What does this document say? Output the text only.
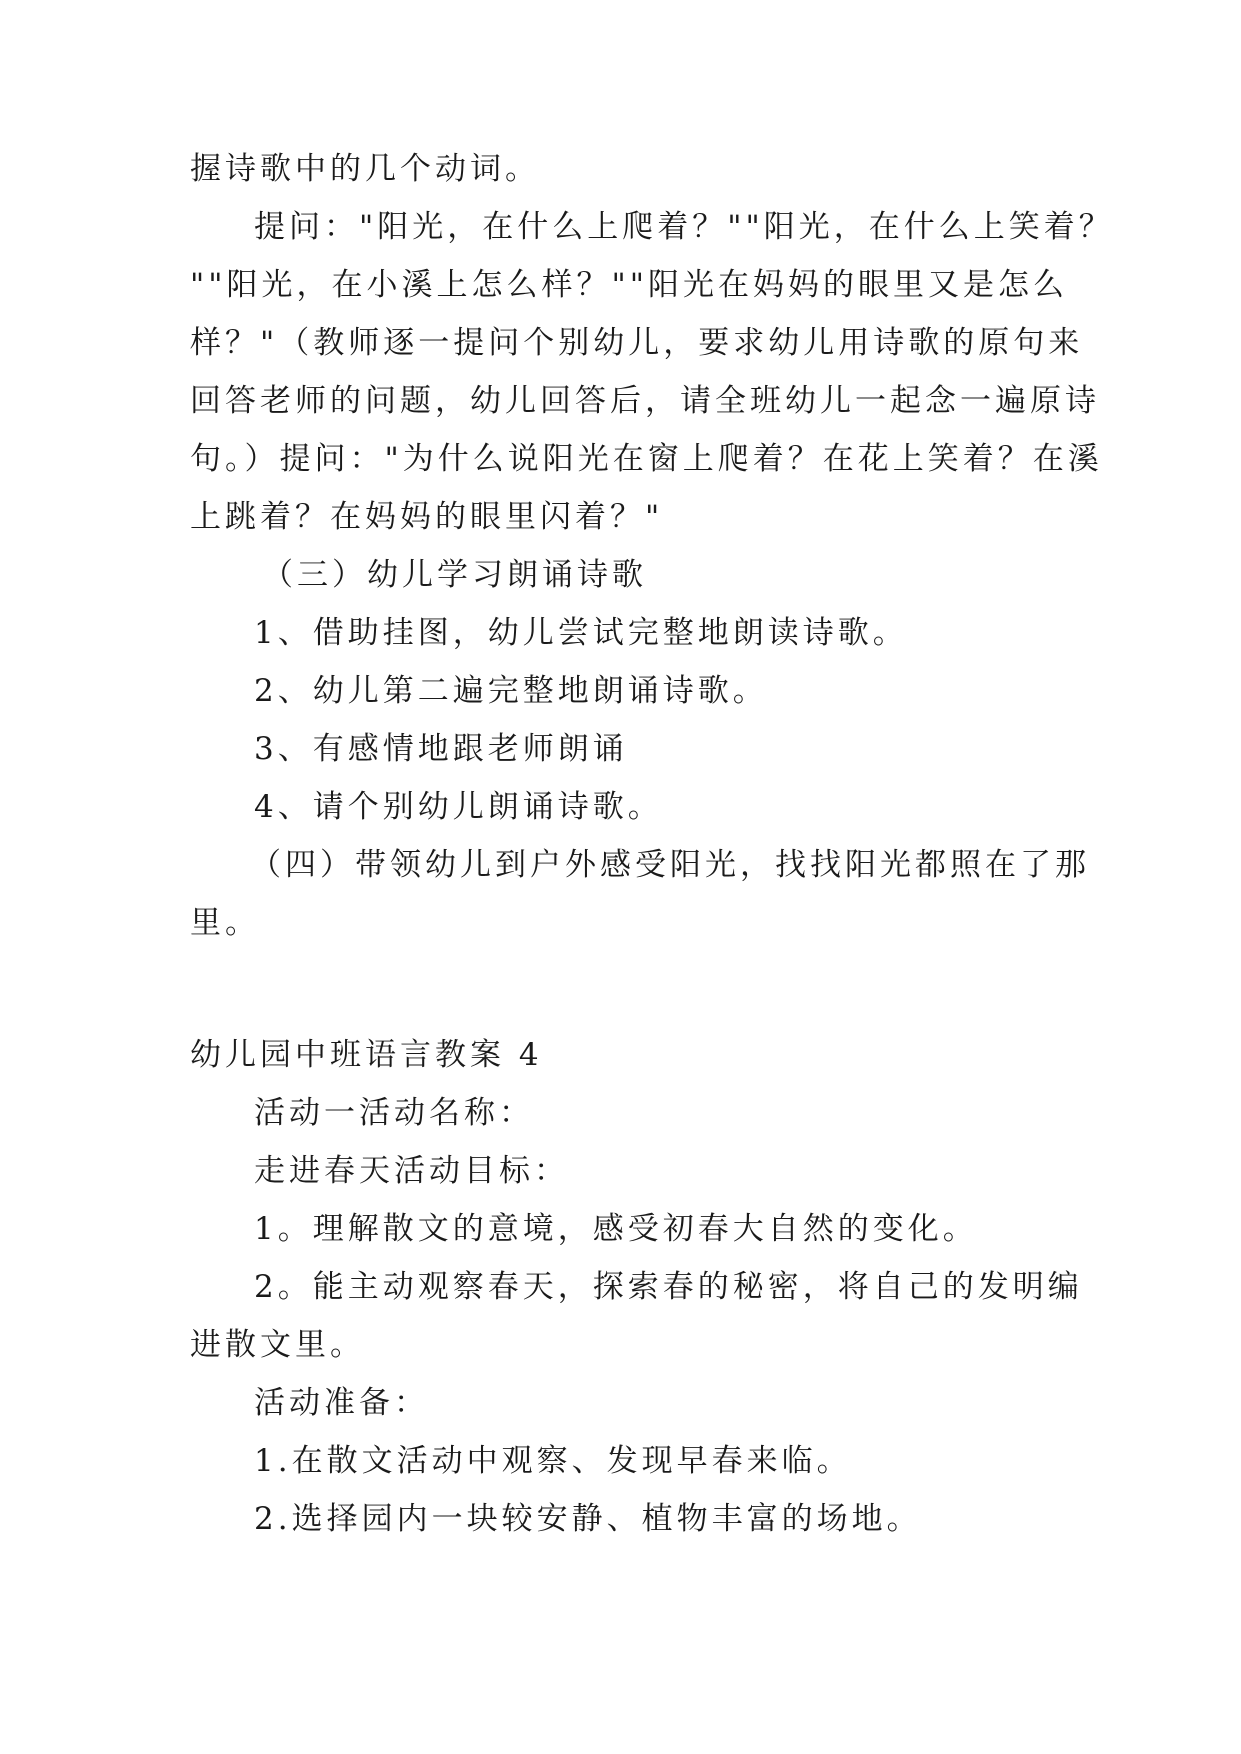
握诗歌中的几个动词。
提问："阳光，在什么上爬着？""阳光，在什么上笑着？
""阳光，在小溪上怎么样？""阳光在妈妈的眼里又是怎么
样？"（教师逐一提问个别幼儿，要求幼儿用诗歌的原句来
回答老师的问题，幼儿回答后，请全班幼儿一起念一遍原诗
句。）提问："为什么说阳光在窗上爬着？在花上笑着？在溪
上跳着？在妈妈的眼里闪着？"
（三）幼儿学习朗诵诗歌
1、借助挂图，幼儿尝试完整地朗读诗歌。
2、幼儿第二遍完整地朗诵诗歌。
3、有感情地跟老师朗诵
4、请个别幼儿朗诵诗歌。
（四）带领幼儿到户外感受阳光，找找阳光都照在了那
里。
幼儿园中班语言教案 4
活动一活动名称：
走进春天活动目标：
1。理解散文的意境，感受初春大自然的变化。
2。能主动观察春天，探索春的秘密，将自己的发明编
进散文里。
活动准备：
1.在散文活动中观察、发现早春来临。
2.选择园内一块较安静、植物丰富的场地。
